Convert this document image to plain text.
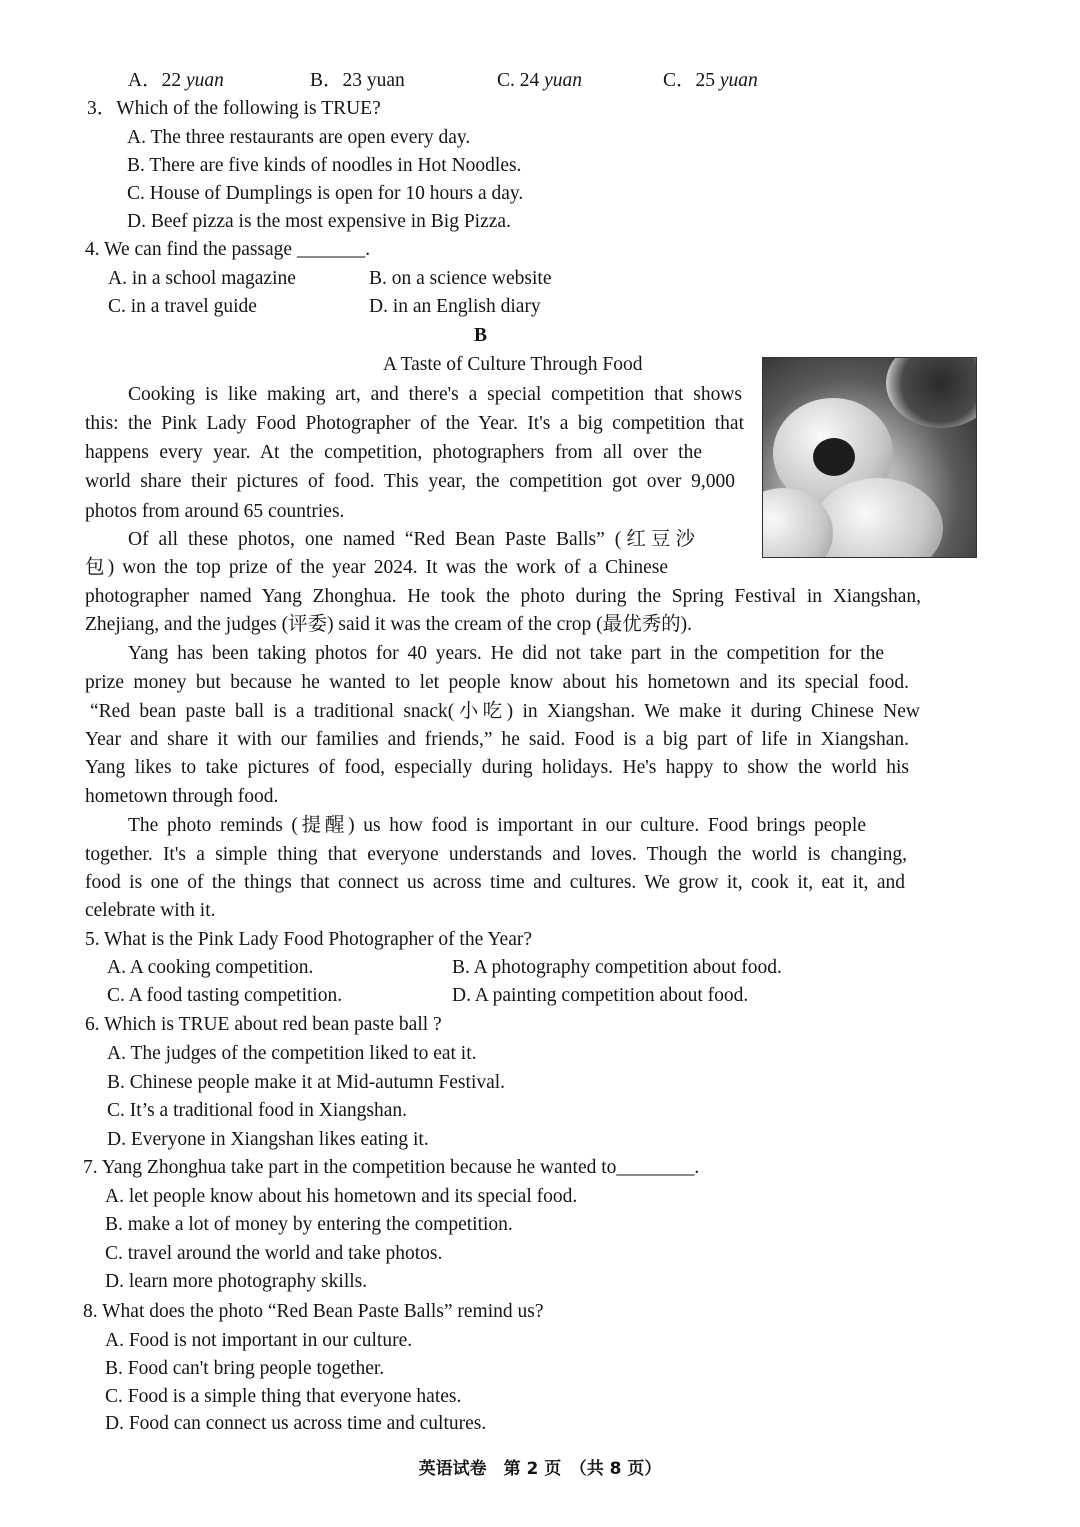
A．22 yuan	B．23 yuan	C. 24 yuan	C．25 yuan
3．Which of the following is TRUE?
A. The three restaurants are open every day.
B. There are five kinds of noodles in Hot Noodles.
C. House of Dumplings is open for 10 hours a day.
D. Beef pizza is the most expensive in Big Pizza.
4. We can find the passage _______.
A. in a school magazine	B. on a science website
C. in a travel guide	D. in an English diary
B
A Taste of Culture Through Food
Cooking is like making art, and there's a special competition that shows
this: the Pink Lady Food Photographer of the Year. It's a big competition that
happens every year. At the competition, photographers from all over the
world share their pictures of food. This year, the competition got over 9,000
photos from around 65 countries.
Of all these photos, one named “Red Bean Paste Balls” (红豆沙
包) won the top prize of the year 2024. It was the work of a Chinese
photographer named Yang Zhonghua. He took the photo during the Spring Festival in Xiangshan,
Zhejiang, and the judges (评委) said it was the cream of the crop (最优秀的).
Yang has been taking photos for 40 years. He did not take part in the competition for the
prize money but because he wanted to let people know about his hometown and its special food.
“Red bean paste ball is a traditional snack(小吃) in Xiangshan. We make it during Chinese New
Year and share it with our families and friends,” he said. Food is a big part of life in Xiangshan.
Yang likes to take pictures of food, especially during holidays. He's happy to show the world his
hometown through food.
The photo reminds (提醒) us how food is important in our culture. Food brings people
together. It's a simple thing that everyone understands and loves. Though the world is changing,
food is one of the things that connect us across time and cultures. We grow it, cook it, eat it, and
celebrate with it.
5. What is the Pink Lady Food Photographer of the Year?
A. A cooking competition.	B. A photography competition about food.
C. A food tasting competition.	D. A painting competition about food.
6. Which is TRUE about red bean paste ball ?
A. The judges of the competition liked to eat it.
B. Chinese people make it at Mid-autumn Festival.
C. It’s a traditional food in Xiangshan.
D. Everyone in Xiangshan likes eating it.
7. Yang Zhonghua take part in the competition because he wanted to________.
A. let people know about his hometown and its special food.
B. make a lot of money by entering the competition.
C. travel around the world and take photos.
D. learn more photography skills.
8. What does the photo “Red Bean Paste Balls” remind us?
A. Food is not important in our culture.
B. Food can't bring people together.
C. Food is a simple thing that everyone hates.
D. Food can connect us across time and cultures.
英语试卷　第 2 页　（共 8 页）
